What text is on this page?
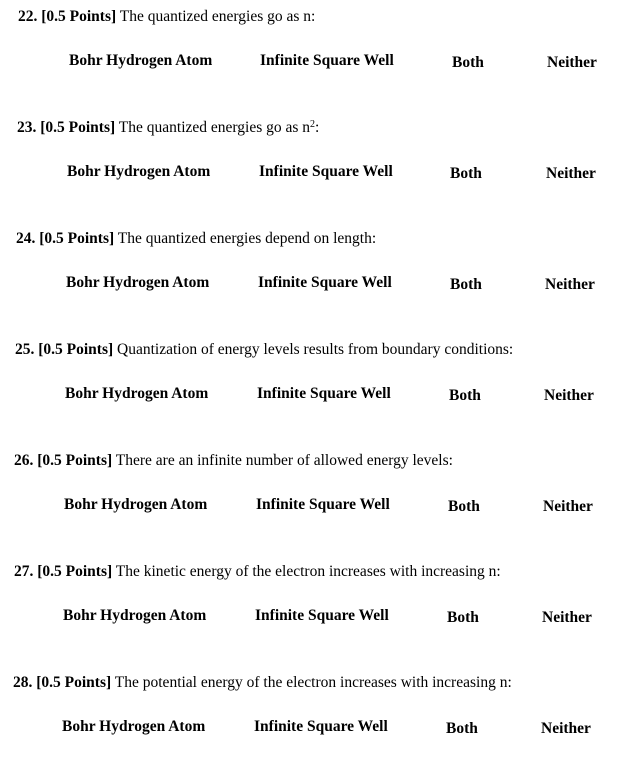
22. [0.5 Points] The quantized energies go as n:
Bohr Hydrogen Atom	Infinite Square Well	Both	Neither
23. [0.5 Points] The quantized energies go as $n^2$:
Bohr Hydrogen Atom	Infinite Square Well	Both	Neither
24. [0.5 Points] The quantized energies depend on length:
Bohr Hydrogen Atom	Infinite Square Well	Both	Neither
25. [0.5 Points] Quantization of energy levels results from boundary conditions:
Bohr Hydrogen Atom	Infinite Square Well	Both	Neither
26. [0.5 Points] There are an infinite number of allowed energy levels:
Bohr Hydrogen Atom	Infinite Square Well	Both	Neither
27. [0.5 Points] The kinetic energy of the electron increases with increasing n:
Bohr Hydrogen Atom	Infinite Square Well	Both	Neither
28. [0.5 Points] The potential energy of the electron increases with increasing n:
Bohr Hydrogen Atom	Infinite Square Well	Both	Neither
